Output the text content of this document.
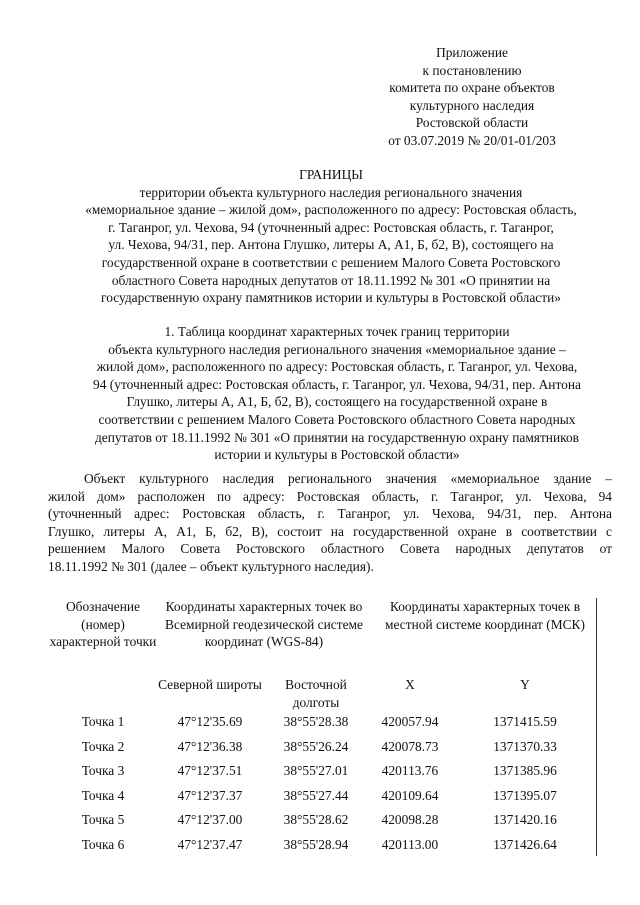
Приложение
к постановлению
комитета по охране объектов
культурного наследия
Ростовской области
от 03.07.2019 № 20/01-01/203
ГРАНИЦЫ
территории объекта культурного наследия регионального значения
«мемориальное здание – жилой дом», расположенного по адресу: Ростовская область,
г. Таганрог, ул. Чехова, 94 (уточненный адрес: Ростовская область, г. Таганрог,
ул. Чехова, 94/31, пер. Антона Глушко, литеры А, А1, Б, б2, В), состоящего на
государственной охране в соответствии с решением Малого Совета Ростовского
областного Совета народных депутатов от 18.11.1992 № 301 «О принятии на
государственную охрану памятников истории и культуры в Ростовской области»
1. Таблица координат характерных точек границ территории
объекта культурного наследия регионального значения «мемориальное здание –
жилой дом», расположенного по адресу: Ростовская область, г. Таганрог, ул. Чехова,
94 (уточненный адрес: Ростовская область, г. Таганрог, ул. Чехова, 94/31, пер. Антона
Глушко, литеры А, А1, Б, б2, В), состоящего на государственной охране в
соответствии с решением Малого Совета Ростовского областного Совета народных
депутатов от 18.11.1992 № 301 «О принятии на государственную охрану памятников
истории и культуры в Ростовской области»
Объект культурного наследия регионального значения «мемориальное здание –
жилой дом» расположен по адресу: Ростовская область, г. Таганрог, ул. Чехова, 94
(уточненный адрес: Ростовская область, г. Таганрог, ул. Чехова, 94/31, пер. Антона
Глушко, литеры А, А1, Б, б2, В), состоит на государственной охране в соответствии с
решением Малого Совета Ростовского областного Совета народных депутатов от
18.11.1992 № 301 (далее – объект культурного наследия).
Обозначение (номер) характерной точки	Координаты характерных точек во Всемирной геодезической системе координат (WGS-84)		Координаты характерных точек в местной системе координат (МСК)	
	Северной широты	Восточной долготы	X	Y
Точка 1	47°12'35.69	38°55'28.38	420057.94	1371415.59
Точка 2	47°12'36.38	38°55'26.24	420078.73	1371370.33
Точка 3	47°12'37.51	38°55'27.01	420113.76	1371385.96
Точка 4	47°12'37.37	38°55'27.44	420109.64	1371395.07
Точка 5	47°12'37.00	38°55'28.62	420098.28	1371420.16
Точка 6	47°12'37.47	38°55'28.94	420113.00	1371426.64
